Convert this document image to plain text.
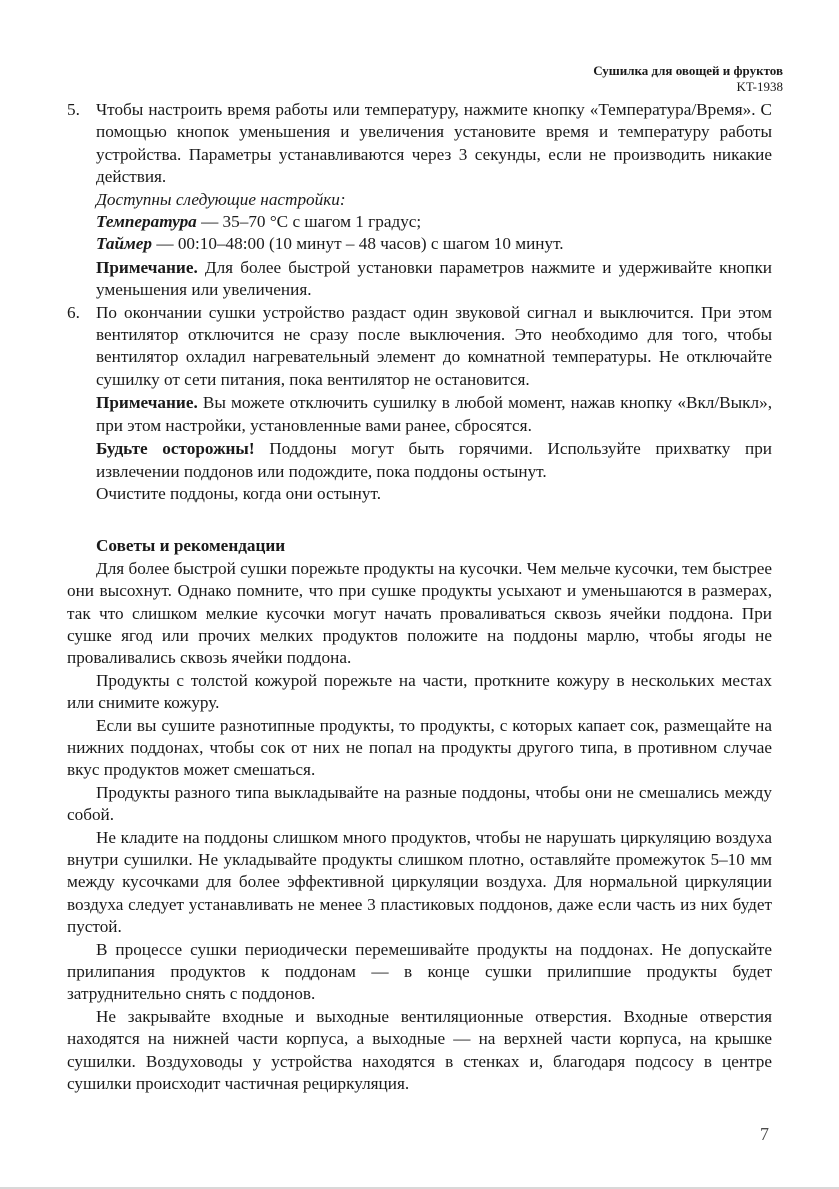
Сушилка для овощей и фруктов
KT-1938
5. Чтобы настроить время работы или температуру, нажмите кнопку «Температура/Время». С помощью кнопок уменьшения и увеличения установите время и температуру работы устройства. Параметры устанавливаются через 3 секунды, если не производить никакие действия.

Доступны следующие настройки:

Температура — 35–70 °С с шагом 1 градус;

Таймер — 00:10–48:00 (10 минут – 48 часов) с шагом 10 минут.

Примечание. Для более быстрой установки параметров нажмите и удерживайте кнопки уменьшения или увеличения.

6. По окончании сушки устройство раздаст один звуковой сигнал и выключится. При этом вентилятор отключится не сразу после выключения. Это необходимо для того, чтобы вентилятор охладил нагревательный элемент до комнатной температуры. Не отключайте сушилку от сети питания, пока вентилятор не остановится.

Примечание. Вы можете отключить сушилку в любой момент, нажав кнопку «Вкл/Выкл», при этом настройки, установленные вами ранее, сбросятся.

Будьте осторожны! Поддоны могут быть горячими. Используйте прихватку при извлечении поддонов или подождите, пока поддоны остынут.

Очистите поддоны, когда они остынут.

Советы и рекомендации

Для более быстрой сушки порежьте продукты на кусочки. Чем мельче кусочки, тем быстрее они высохнут. Однако помните, что при сушке продукты усыхают и уменьшаются в размерах, так что слишком мелкие кусочки могут начать проваливаться сквозь ячейки поддона. При сушке ягод или прочих мелких продуктов положите на поддоны марлю, чтобы ягоды не проваливались сквозь ячейки поддона.

Продукты с толстой кожурой порежьте на части, проткните кожуру в нескольких местах или снимите кожуру.

Если вы сушите разнотипные продукты, то продукты, с которых капает сок, размещайте на нижних поддонах, чтобы сок от них не попал на продукты другого типа, в противном случае вкус продуктов может смешаться.

Продукты разного типа выкладывайте на разные поддоны, чтобы они не смешались между собой.

Не кладите на поддоны слишком много продуктов, чтобы не нарушать циркуляцию воздуха внутри сушилки. Не укладывайте продукты слишком плотно, оставляйте промежуток 5–10 мм между кусочками для более эффективной циркуляции воздуха. Для нормальной циркуляции воздуха следует устанавливать не менее 3 пластиковых поддонов, даже если часть из них будет пустой.

В процессе сушки периодически перемешивайте продукты на поддонах. Не допускайте прилипания продуктов к поддонам — в конце сушки прилипшие продукты будет затруднительно снять с поддонов.

Не закрывайте входные и выходные вентиляционные отверстия. Входные отверстия находятся на нижней части корпуса, а выходные — на верхней части корпуса, на крышке сушилки. Воздуховоды у устройства находятся в стенках и, благодаря подсосу в центре сушилки происходит частичная рециркуляция.

7
